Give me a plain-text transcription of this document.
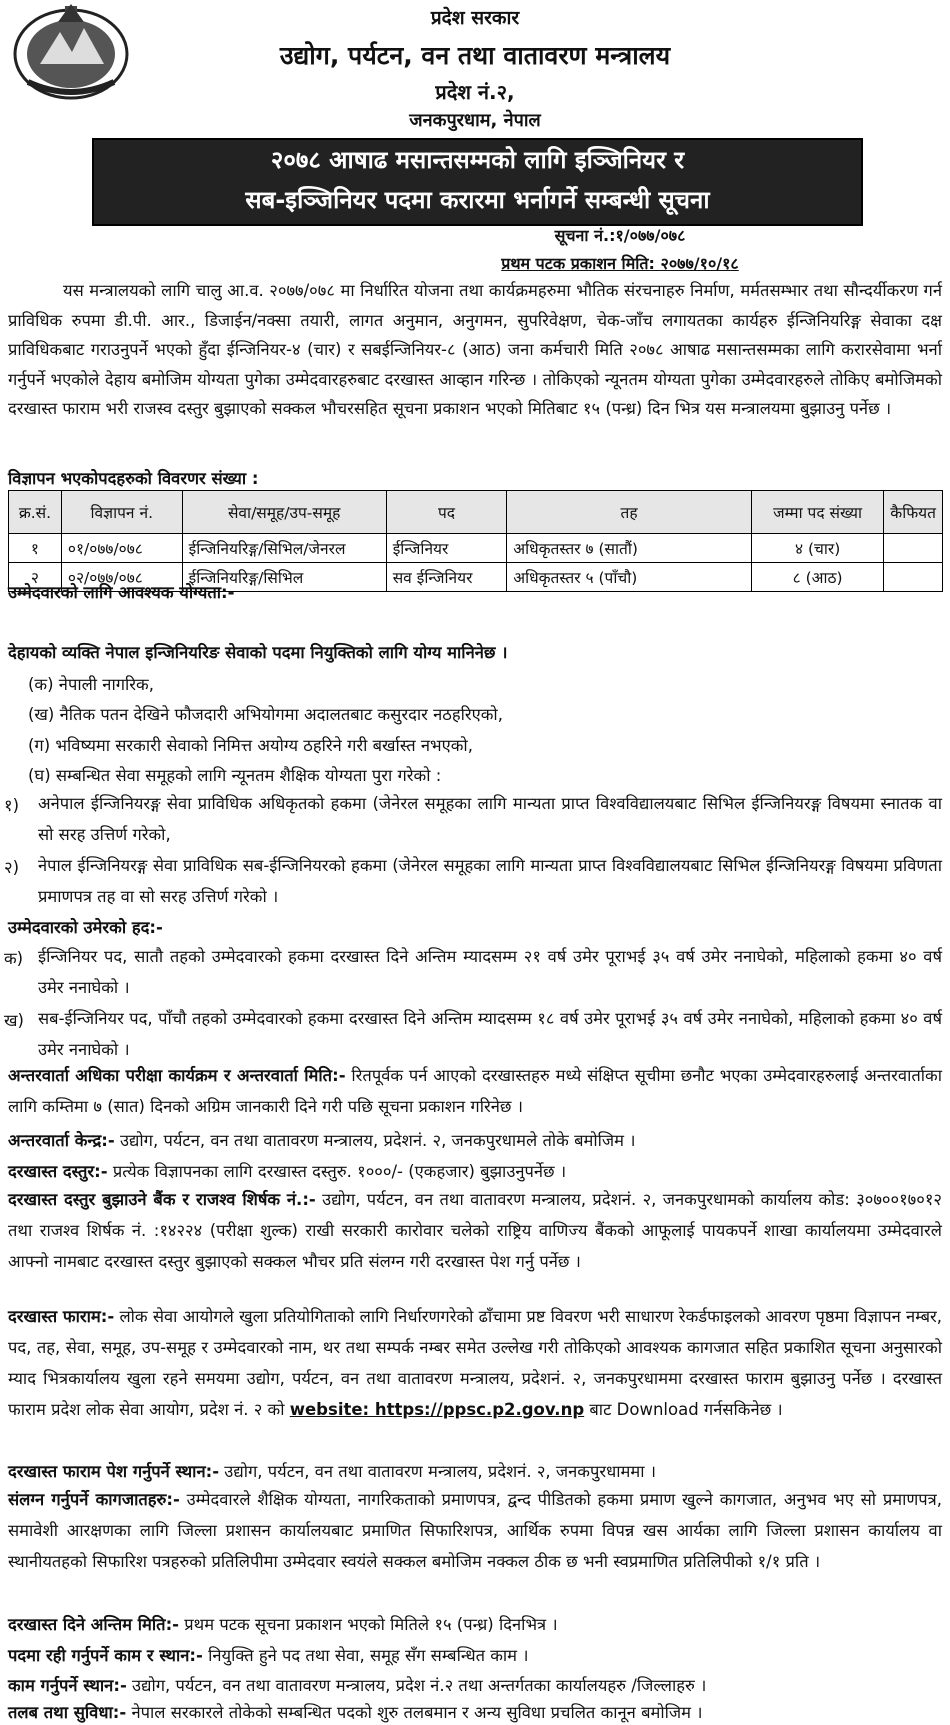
प्रदेश सरकार
उद्योग, पर्यटन, वन तथा वातावरण मन्त्रालय
प्रदेश नं.२,
जनकपुरधाम, नेपाल
२०७८ आषाढ मसान्तसम्मको लागि इञ्जिनियर र
सब-इञ्जिनियर पदमा करारमा भर्नागर्ने सम्बन्धी सूचना
सूचना नं.:१/०७७/०७८
प्रथम पटक प्रकाशन मिति: २०७७/१०/१८
यस मन्त्रालयको लागि चालु आ.व. २०७७/०७८ मा निर्धारित योजना तथा कार्यक्रमहरुमा भौतिक संरचनाहरु निर्माण, मर्मतसम्भार तथा सौन्दर्यीकरण गर्न प्राविधिक रुपमा डी.पी. आर., डिजाईन/नक्सा तयारी, लागत अनुमान, अनुगमन, सुपरिवेक्षण, चेक-जाँच लगायतका कार्यहरु ईन्जिनियरिङ्ग सेवाका दक्ष प्राविधिकबाट गराउनुपर्ने भएको हुँदा ईन्जिनियर-४ (चार) र सबईन्जिनियर-८ (आठ) जना कर्मचारी मिति २०७८ आषाढ मसान्तसम्मका लागि करारसेवामा भर्ना गर्नुपर्ने भएकोले देहाय बमोजिम योग्यता पुगेका उम्मेदवारहरुबाट दरखास्त आव्हान गरिन्छ । तोकिएको न्यूनतम योग्यता पुगेका उम्मेदवारहरुले तोकिए बमोजिमको दरखास्त फाराम भरी राजस्व दस्तुर बुझाएको सक्कल भौचरसहित सूचना प्रकाशन भएको मितिबाट १५ (पन्ध्र) दिन भित्र यस मन्त्रालयमा बुझाउनु पर्नेछ ।
विज्ञापन भएकोपदहरुको विवरणर संख्या :
क्र.सं.	विज्ञापन नं.	सेवा/समूह/उप-समूह	पद	तह	जम्मा पद संख्या	कैफियत
१	०१/०७७/०७८	ईन्जिनियरिङ्ग/सिभिल/जेनरल	ईन्जिनियर	अधिकृतस्तर ७ (सातौं)	४ (चार)	
२	०२/०७७/०७८	ईन्जिनियरिङ्ग/सिभिल	सव ईन्जिनियर	अधिकृतस्तर ५ (पाँचौ)	८ (आठ)	
उम्मेदवारको लागि आवश्यक योग्यता:-
देहायको व्यक्ति नेपाल इन्जिनियरिङ सेवाको पदमा नियुक्तिको लागि योग्य मानिनेछ ।
(क) नेपाली नागरिक,
(ख) नैतिक पतन देखिने फौजदारी अभियोगमा अदालतबाट कसुरदार नठहरिएको,
(ग) भविष्यमा सरकारी सेवाको निमित्त अयोग्य ठहरिने गरी बर्खास्त नभएको,
(घ) सम्बन्धित सेवा समूहको लागि न्यूनतम शैक्षिक योग्यता पुरा गरेको :
१) अनेपाल ईन्जिनियरङ्ग सेवा प्राविधिक अधिकृतको हकमा (जेनेरल समूहका लागि मान्यता प्राप्त विश्वविद्यालयबाट सिभिल ईन्जिनियरङ्ग विषयमा स्नातक वा सो सरह उत्तिर्ण गरेको,
२) नेपाल ईन्जिनियरङ्ग सेवा प्राविधिक सब-ईन्जिनियरको हकमा (जेनेरल समूहका लागि मान्यता प्राप्त विश्वविद्यालयबाट सिभिल ईन्जिनियरङ्ग विषयमा प्रविणता प्रमाणपत्र तह वा सो सरह उत्तिर्ण गरेको ।
उम्मेदवारको उमेरको हद:-
क) ईन्जिनियर पद, सातौ तहको उम्मेदवारको हकमा दरखास्त दिने अन्तिम म्यादसम्म २१ वर्ष उमेर पूराभई ३५ वर्ष उमेर ननाघेको, महिलाको हकमा ४० वर्ष उमेर ननाघेको ।
ख) सब-ईन्जिनियर पद, पाँचौ तहको उम्मेदवारको हकमा दरखास्त दिने अन्तिम म्यादसम्म १८ वर्ष उमेर पूराभई ३५ वर्ष उमेर ननाघेको, महिलाको हकमा ४० वर्ष उमेर ननाघेको ।
अन्तरवार्ता अधिका परीक्षा कार्यक्रम र अन्तरवार्ता मिति:- रितपूर्वक पर्न आएको दरखास्तहरु मध्ये संक्षिप्त सूचीमा छनौट भएका उम्मेदवारहरुलाई अन्तरवार्ताका लागि कम्तिमा ७ (सात) दिनको अग्रिम जानकारी दिने गरी पछि सूचना प्रकाशन गरिनेछ ।
अन्तरवार्ता केन्द्र:- उद्योग, पर्यटन, वन तथा वातावरण मन्त्रालय, प्रदेशनं. २, जनकपुरधामले तोके बमोजिम ।
दरखास्त दस्तुर:- प्रत्येक विज्ञापनका लागि दरखास्त दस्तुरु. १०००/- (एकहजार) बुझाउनुपर्नेछ ।
दरखास्त दस्तुर बुझाउने बैंक र राजश्व शिर्षक नं.:- उद्योग, पर्यटन, वन तथा वातावरण मन्त्रालय, प्रदेशनं. २, जनकपुरधामको कार्यालय कोड: ३०७००१७०१२ तथा राजश्व शिर्षक नं. :१४२२४ (परीक्षा शुल्क) राखी सरकारी कारोवार चलेको राष्ट्रिय वाणिज्य बैंकको आफूलाई पायकपर्ने शाखा कार्यालयमा उम्मेदवारले आफ्नो नामबाट दरखास्त दस्तुर बुझाएको सक्कल भौचर प्रति संलग्न गरी दरखास्त पेश गर्नु पर्नेछ ।
दरखास्त फाराम:- लोक सेवा आयोगले खुला प्रतियोगिताको लागि निर्धारणगरेको ढाँचामा प्रष्ट विवरण भरी साधारण रेकर्डफाइलको आवरण पृष्ठमा विज्ञापन नम्बर, पद, तह, सेवा, समूह, उप-समूह र उम्मेदवारको नाम, थर तथा सम्पर्क नम्बर समेत उल्लेख गरी तोकिएको आवश्यक कागजात सहित प्रकाशित सूचना अनुसारको म्याद भित्रकार्यालय खुला रहने समयमा उद्योग, पर्यटन, वन तथा वातावरण मन्त्रालय, प्रदेशनं. २, जनकपुरधाममा दरखास्त फाराम बुझाउनु पर्नेछ । दरखास्त फाराम प्रदेश लोक सेवा आयोग, प्रदेश नं. २ को website: https://ppsc.p2.gov.np बाट Download गर्नसकिनेछ ।
दरखास्त फाराम पेश गर्नुपर्ने स्थान:- उद्योग, पर्यटन, वन तथा वातावरण मन्त्रालय, प्रदेशनं. २, जनकपुरधाममा ।
संलग्न गर्नुपर्ने कागजातहरु:- उम्मेदवारले शैक्षिक योग्यता, नागरिकताको प्रमाणपत्र, द्वन्द पीडितको हकमा प्रमाण खुल्ने कागजात, अनुभव भए सो प्रमाणपत्र, समावेशी आरक्षणका लागि जिल्ला प्रशासन कार्यालयबाट प्रमाणित सिफारिशपत्र, आर्थिक रुपमा विपन्न खस आर्यका लागि जिल्ला प्रशासन कार्यालय वा स्थानीयतहको सिफारिश पत्रहरुको प्रतिलिपीमा उम्मेदवार स्वयंले सक्कल बमोजिम नक्कल ठीक छ भनी स्वप्रमाणित प्रतिलिपीको १/१ प्रति ।
दरखास्त दिने अन्तिम मिति:- प्रथम पटक सूचना प्रकाशन भएको मितिले १५ (पन्ध्र) दिनभित्र ।
पदमा रही गर्नुपर्ने काम र स्थान:- नियुक्ति हुने पद तथा सेवा, समूह सँग सम्बन्धित काम ।
काम गर्नुपर्ने स्थान:- उद्योग, पर्यटन, वन तथा वातावरण मन्त्रालय, प्रदेश नं.२ तथा अन्तर्गतका कार्यालयहरु /जिल्लाहरु ।
तलब तथा सुविधा:- नेपाल सरकारले तोकेको सम्बन्धित पदको शुरु तलबमान र अन्य सुविधा प्रचलित कानून बमोजिम ।
